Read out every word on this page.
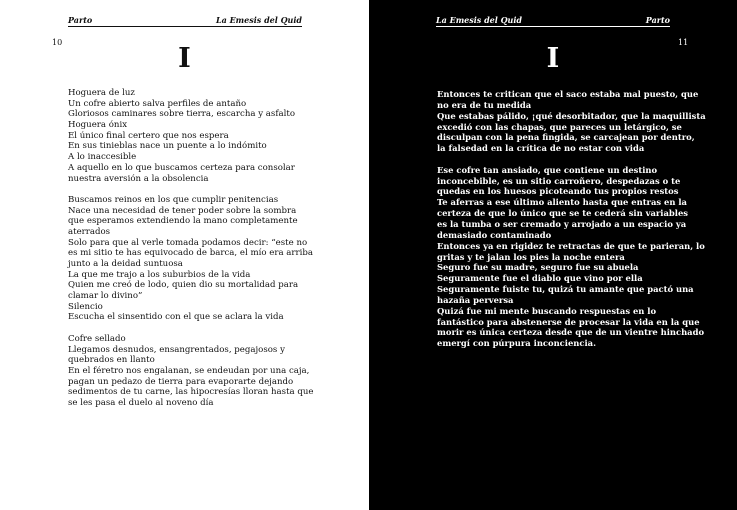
Parto	La Emesis del Quid
10
I
Hoguera de luz
Un cofre abierto salva perfiles de antaño
Gloriosos caminares sobre tierra, escarcha y asfalto
Hoguera ónix
El único final certero que nos espera
En sus tinieblas nace un puente a lo indómito
A lo inaccesible
A aquello en lo que buscamos certeza para consolar
nuestra aversión a la obsolencia
Buscamos reinos en los que cumplir penitencias
Nace una necesidad de tener poder sobre la sombra
que esperamos extendiendo la mano completamente
aterrados
Solo para que al verle tomada podamos decir: “este no
es mi sitio te has equivocado de barca, el mío era arriba
junto a la deidad suntuosa
La que me trajo a los suburbios de la vida
Quien me creó de lodo, quien dio su mortalidad para
clamar lo divino”
Silencio
Escucha el sinsentido con el que se aclara la vida
Cofre sellado
Llegamos desnudos, ensangrentados, pegajosos y
quebrados en llanto
En el féretro nos engalanan, se endeudan por una caja,
pagan un pedazo de tierra para evaporarte dejando
sedimentos de tu carne, las hipocresías lloran hasta que
se les pasa el duelo al noveno día
La Emesis del Quid	Parto
11
I
Entonces te critican que el saco estaba mal puesto, que
no era de tu medida
Que estabas pálido, ¡qué desorbitador, que la maquillista
excedió con las chapas, que pareces un letárgico, se
disculpan con la pena fingida, se carcajean por dentro,
la falsedad en la crítica de no estar con vida
Ese cofre tan ansiado, que contiene un destino
inconcebible, es un sitio carroñero, despedazas o te
quedas en los huesos picoteando tus propios restos
Te aferras a ese último aliento hasta que entras en la
certeza de que lo único que se te cederá sin variables
es la tumba o ser cremado y arrojado a un espacio ya
demasiado contaminado
Entonces ya en rigidez te retractas de que te parieran, lo
gritas y te jalan los pies la noche entera
Seguro fue su madre, seguro fue su abuela
Seguramente fue el diablo que vino por ella
Seguramente fuiste tu, quizá tu amante que pactó una
hazaña perversa
Quizá fue mi mente buscando respuestas en lo
fantástico para abstenerse de procesar la vida en la que
morir es única certeza desde que de un vientre hinchado
emergí con púrpura inconciencia.
